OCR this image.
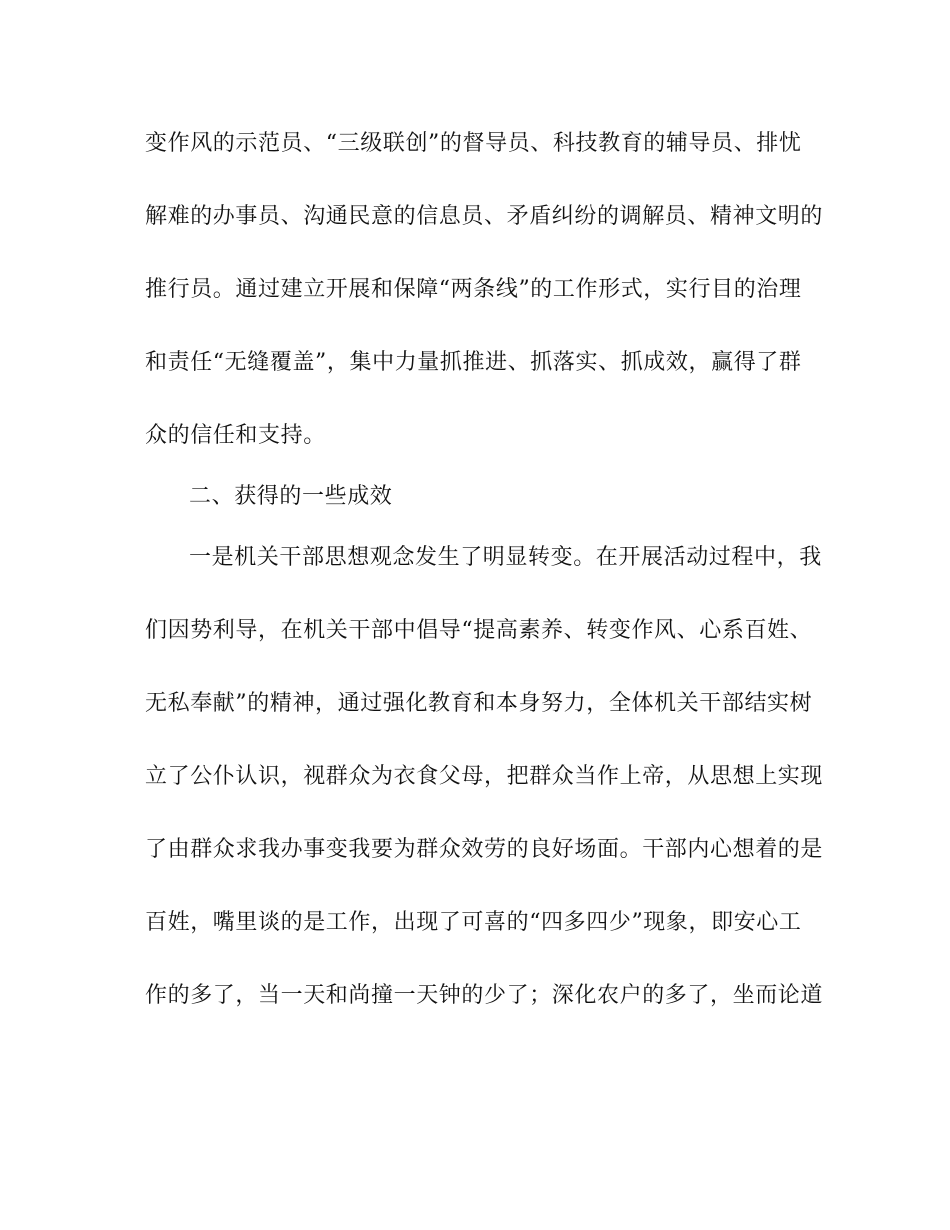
变作风的示范员、“三级联创”的督导员、科技教育的辅导员、排忧
解难的办事员、沟通民意的信息员、矛盾纠纷的调解员、精神文明的
推行员。通过建立开展和保障“两条线”的工作形式，实行目的治理
和责任“无缝覆盖”，集中力量抓推进、抓落实、抓成效，赢得了群
众的信任和支持。
二、获得的一些成效
一是机关干部思想观念发生了明显转变。在开展活动过程中，我
们因势利导，在机关干部中倡导“提高素养、转变作风、心系百姓、
无私奉献”的精神，通过强化教育和本身努力，全体机关干部结实树
立了公仆认识，视群众为衣食父母，把群众当作上帝，从思想上实现
了由群众求我办事变我要为群众效劳的良好场面。干部内心想着的是
百姓，嘴里谈的是工作，出现了可喜的“四多四少”现象，即安心工
作的多了，当一天和尚撞一天钟的少了；深化农户的多了，坐而论道
